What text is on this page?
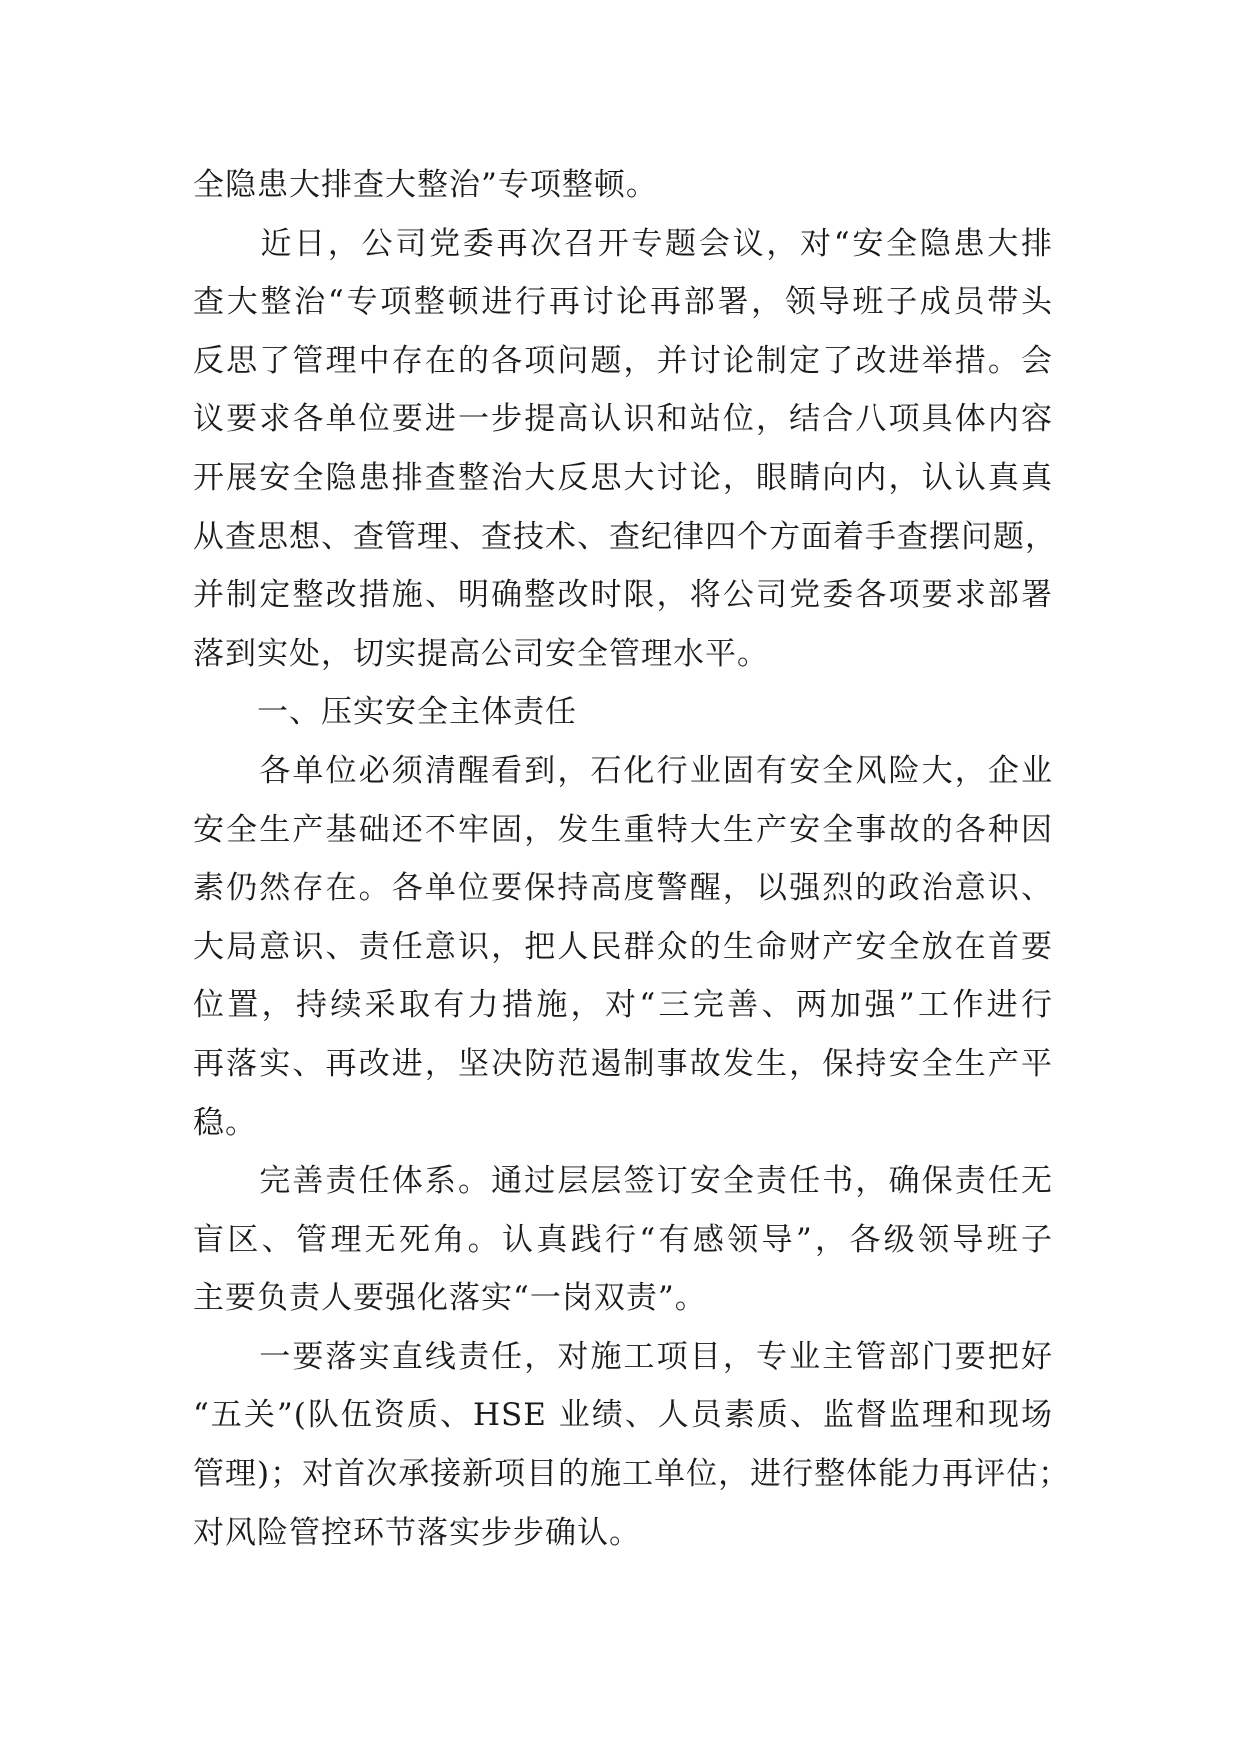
全隐患大排查大整治”专项整顿。
　　近日，公司党委再次召开专题会议，对“安全隐患大排
查大整治“专项整顿进行再讨论再部署，领导班子成员带头
反思了管理中存在的各项问题，并讨论制定了改进举措。会
议要求各单位要进一步提高认识和站位，结合八项具体内容
开展安全隐患排查整治大反思大讨论，眼睛向内，认认真真
从查思想、查管理、查技术、查纪律四个方面着手查摆问题，
并制定整改措施、明确整改时限，将公司党委各项要求部署
落到实处，切实提高公司安全管理水平。
　　一、压实安全主体责任
　　各单位必须清醒看到，石化行业固有安全风险大，企业
安全生产基础还不牢固，发生重特大生产安全事故的各种因
素仍然存在。各单位要保持高度警醒，以强烈的政治意识、
大局意识、责任意识，把人民群众的生命财产安全放在首要
位置，持续采取有力措施，对“三完善、两加强”工作进行
再落实、再改进，坚决防范遏制事故发生，保持安全生产平
稳。
　　完善责任体系。通过层层签订安全责任书，确保责任无
盲区、管理无死角。认真践行“有感领导”，各级领导班子
主要负责人要强化落实“一岗双责”。
　　一要落实直线责任，对施工项目，专业主管部门要把好
“五关”(队伍资质、HSE 业绩、人员素质、监督监理和现场
管理)；对首次承接新项目的施工单位，进行整体能力再评估；
对风险管控环节落实步步确认。
